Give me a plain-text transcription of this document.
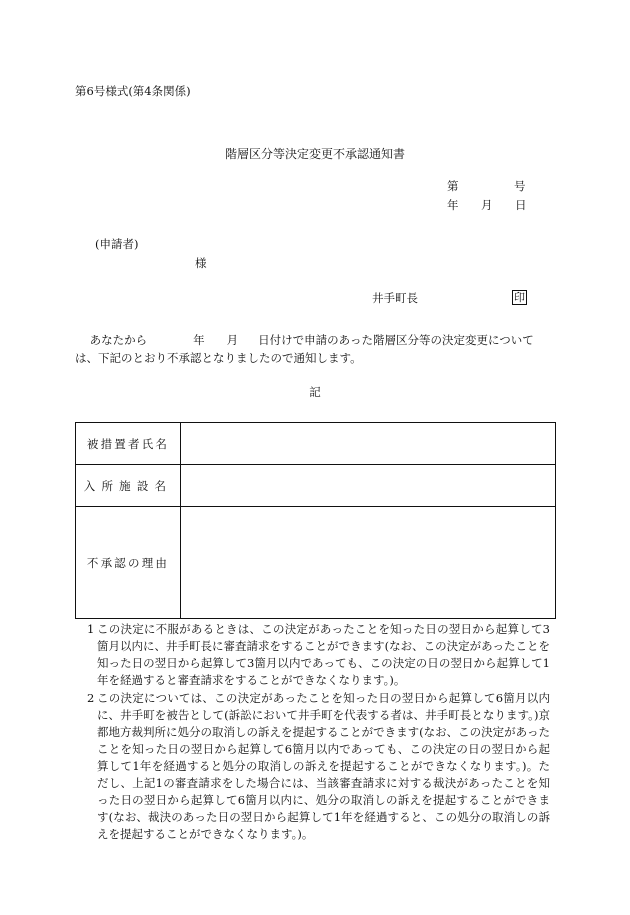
第6号様式(第4条関係)
階層区分等決定変更不承認通知書
第	号
年 月 日
(申請者)
様
井手町長	印
あなたから	年 月 日付けで申請のあった階層区分等の決定変更については、下記のとおり不承認となりましたので通知します。
記
被措置者氏名	
入所施設名	
不承認の理由	
1 この決定に不服があるときは、この決定があったことを知った日の翌日から起算して3箇月以内に、井手町長に審査請求をすることができます(なお、この決定があったことを知った日の翌日から起算して3箇月以内であっても、この決定の日の翌日から起算して1年を経過すると審査請求をすることができなくなります。)。
2 この決定については、この決定があったことを知った日の翌日から起算して6箇月以内に、井手町を被告として(訴訟において井手町を代表する者は、井手町長となります。)京都地方裁判所に処分の取消しの訴えを提起することができます(なお、この決定があったことを知った日の翌日から起算して6箇月以内であっても、この決定の日の翌日から起算して1年を経過すると処分の取消しの訴えを提起することができなくなります。)。ただし、上記1の審査請求をした場合には、当該審査請求に対する裁決があったことを知った日の翌日から起算して6箇月以内に、処分の取消しの訴えを提起することができます(なお、裁決のあった日の翌日から起算して1年を経過すると、この処分の取消しの訴えを提起することができなくなります。)。
